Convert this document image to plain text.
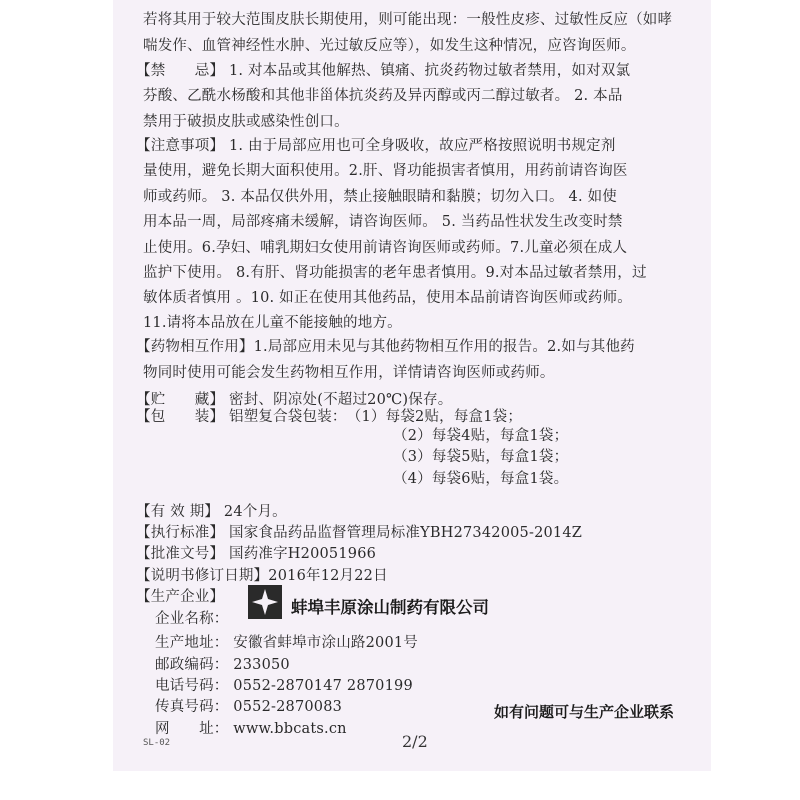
若将其用于较大范围皮肤长期使用，则可能出现：一般性皮疹、过敏性反应（如哮
喘发作、血管神经性水肿、光过敏反应等），如发生这种情况，应咨询医师。
【禁　　忌】 1. 对本品或其他解热、镇痛、抗炎药物过敏者禁用，如对双氯
芬酸、乙酰水杨酸和其他非甾体抗炎药及异丙醇或丙二醇过敏者。 2. 本品
禁用于破损皮肤或感染性创口。
【注意事项】 1. 由于局部应用也可全身吸收，故应严格按照说明书规定剂
量使用，避免长期大面积使用。2.肝、肾功能损害者慎用，用药前请咨询医
师或药师。 3. 本品仅供外用，禁止接触眼睛和黏膜；切勿入口。 4. 如使
用本品一周，局部疼痛未缓解，请咨询医师。 5. 当药品性状发生改变时禁
止使用。6.孕妇、哺乳期妇女使用前请咨询医师或药师。7.儿童必须在成人
监护下使用。 8.有肝、肾功能损害的老年患者慎用。9.对本品过敏者禁用，过
敏体质者慎用 。10. 如正在使用其他药品，使用本品前请咨询医师或药师。
11.请将本品放在儿童不能接触的地方。
【药物相互作用】1.局部应用未见与其他药物相互作用的报告。2.如与其他药
物同时使用可能会发生药物相互作用，详情请咨询医师或药师。
【贮　　藏】 密封、阴凉处(不超过20℃)保存。
【包　　装】 铝塑复合袋包装：　（1）每袋2贴，每盒1袋；
（2）每袋4贴，每盒1袋；
（3）每袋5贴，每盒1袋；
（4）每袋6贴，每盒1袋。
【有 效 期】 24个月。
【执行标准】 国家食品药品监督管理局标准YBH27342005-2014Z
【批准文号】 国药准字H20051966
【说明书修订日期】2016年12月22日
【生产企业】
企业名称：
生产地址： 安徽省蚌埠市涂山路2001号
邮政编码： 233050
电话号码： 0552-2870147 2870199
传真号码： 0552-2870083
网　　址： www.bbcats.cn
蚌埠丰原涂山制药有限公司
如有问题可与生产企业联系
SL-02	2/2
